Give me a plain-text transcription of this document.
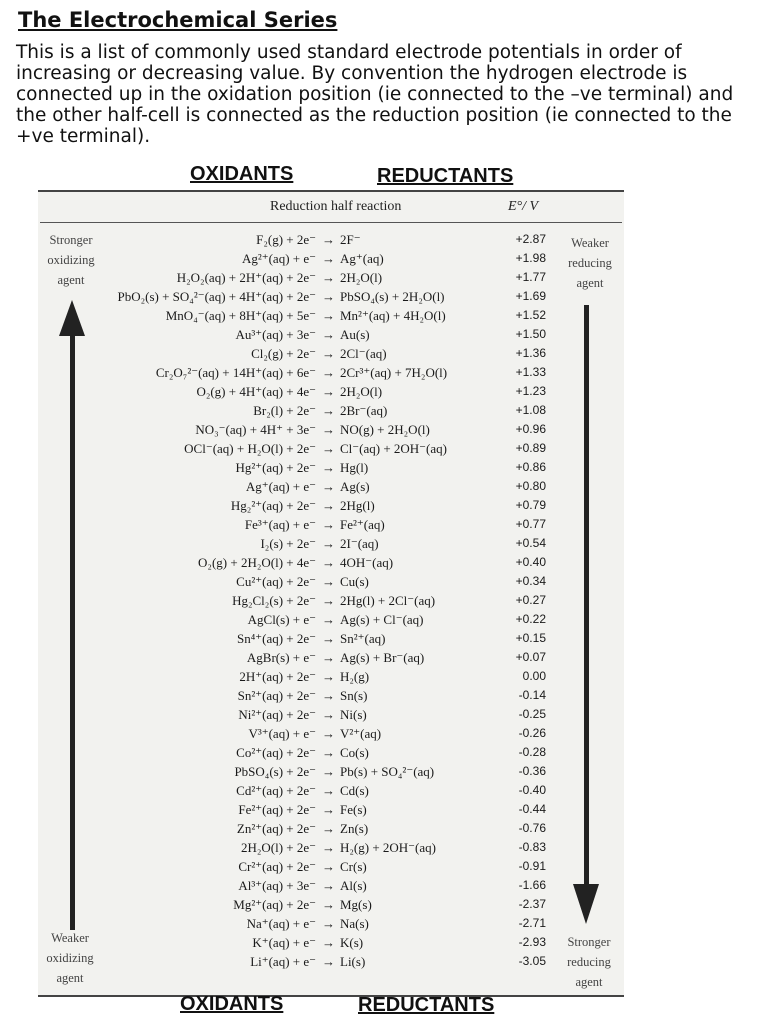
The Electrochemical Series

This is a list of commonly used standard electrode potentials in order of increasing or decreasing value. By convention the hydrogen electrode is connected up in the oxidation position (ie connected to the –ve terminal) and the other half-cell is connected as the reduction position (ie connected to the +ve terminal).

OXIDANTS	REDUCTANTS
Reduction half reaction	E°/ V

Stronger
oxidizing
agent

Weaker
reducing
agent

Weaker
oxidizing
agent

Stronger
reducing
agent

F₂(g) + 2e⁻ → 2F⁻	+2.87
Ag²⁺(aq) + e⁻ → Ag⁺(aq)	+1.98
H₂O₂(aq) + 2H⁺(aq) + 2e⁻ → 2H₂O(l)	+1.77
PbO₂(s) + SO₄²⁻(aq) + 4H⁺(aq) + 2e⁻ → PbSO₄(s) + 2H₂O(l)	+1.69
MnO₄⁻(aq) + 8H⁺(aq) + 5e⁻ → Mn²⁺(aq) + 4H₂O(l)	+1.52
Au³⁺(aq) + 3e⁻ → Au(s)	+1.50
Cl₂(g) + 2e⁻ → 2Cl⁻(aq)	+1.36
Cr₂O₇²⁻(aq) + 14H⁺(aq) + 6e⁻ → 2Cr³⁺(aq) + 7H₂O(l)	+1.33
O₂(g) + 4H⁺(aq) + 4e⁻ → 2H₂O(l)	+1.23
Br₂(l) + 2e⁻ → 2Br⁻(aq)	+1.08
NO₃⁻(aq) + 4H⁺ + 3e⁻ → NO(g) + 2H₂O(l)	+0.96
OCl⁻(aq) + H₂O(l) + 2e⁻ → Cl⁻(aq) + 2OH⁻(aq)	+0.89
Hg²⁺(aq) + 2e⁻ → Hg(l)	+0.86
Ag⁺(aq) + e⁻ → Ag(s)	+0.80
Hg₂²⁺(aq) + 2e⁻ → 2Hg(l)	+0.79
Fe³⁺(aq) + e⁻ → Fe²⁺(aq)	+0.77
I₂(s) + 2e⁻ → 2I⁻(aq)	+0.54
O₂(g) + 2H₂O(l) + 4e⁻ → 4OH⁻(aq)	+0.40
Cu²⁺(aq) + 2e⁻ → Cu(s)	+0.34
Hg₂Cl₂(s) + 2e⁻ → 2Hg(l) + 2Cl⁻(aq)	+0.27
AgCl(s) + e⁻ → Ag(s) + Cl⁻(aq)	+0.22
Sn⁴⁺(aq) + 2e⁻ → Sn²⁺(aq)	+0.15
AgBr(s) + e⁻ → Ag(s) + Br⁻(aq)	+0.07
2H⁺(aq) + 2e⁻ → H₂(g)	0.00
Sn²⁺(aq) + 2e⁻ → Sn(s)	-0.14
Ni²⁺(aq) + 2e⁻ → Ni(s)	-0.25
V³⁺(aq) + e⁻ → V²⁺(aq)	-0.26
Co²⁺(aq) + 2e⁻ → Co(s)	-0.28
PbSO₄(s) + 2e⁻ → Pb(s) + SO₄²⁻(aq)	-0.36
Cd²⁺(aq) + 2e⁻ → Cd(s)	-0.40
Fe²⁺(aq) + 2e⁻ → Fe(s)	-0.44
Zn²⁺(aq) + 2e⁻ → Zn(s)	-0.76
2H₂O(l) + 2e⁻ → H₂(g) + 2OH⁻(aq)	-0.83
Cr²⁺(aq) + 2e⁻ → Cr(s)	-0.91
Al³⁺(aq) + 3e⁻ → Al(s)	-1.66
Mg²⁺(aq) + 2e⁻ → Mg(s)	-2.37
Na⁺(aq) + e⁻ → Na(s)	-2.71
K⁺(aq) + e⁻ → K(s)	-2.93
Li⁺(aq) + e⁻ → Li(s)	-3.05
OXIDANTS	REDUCTANTS
